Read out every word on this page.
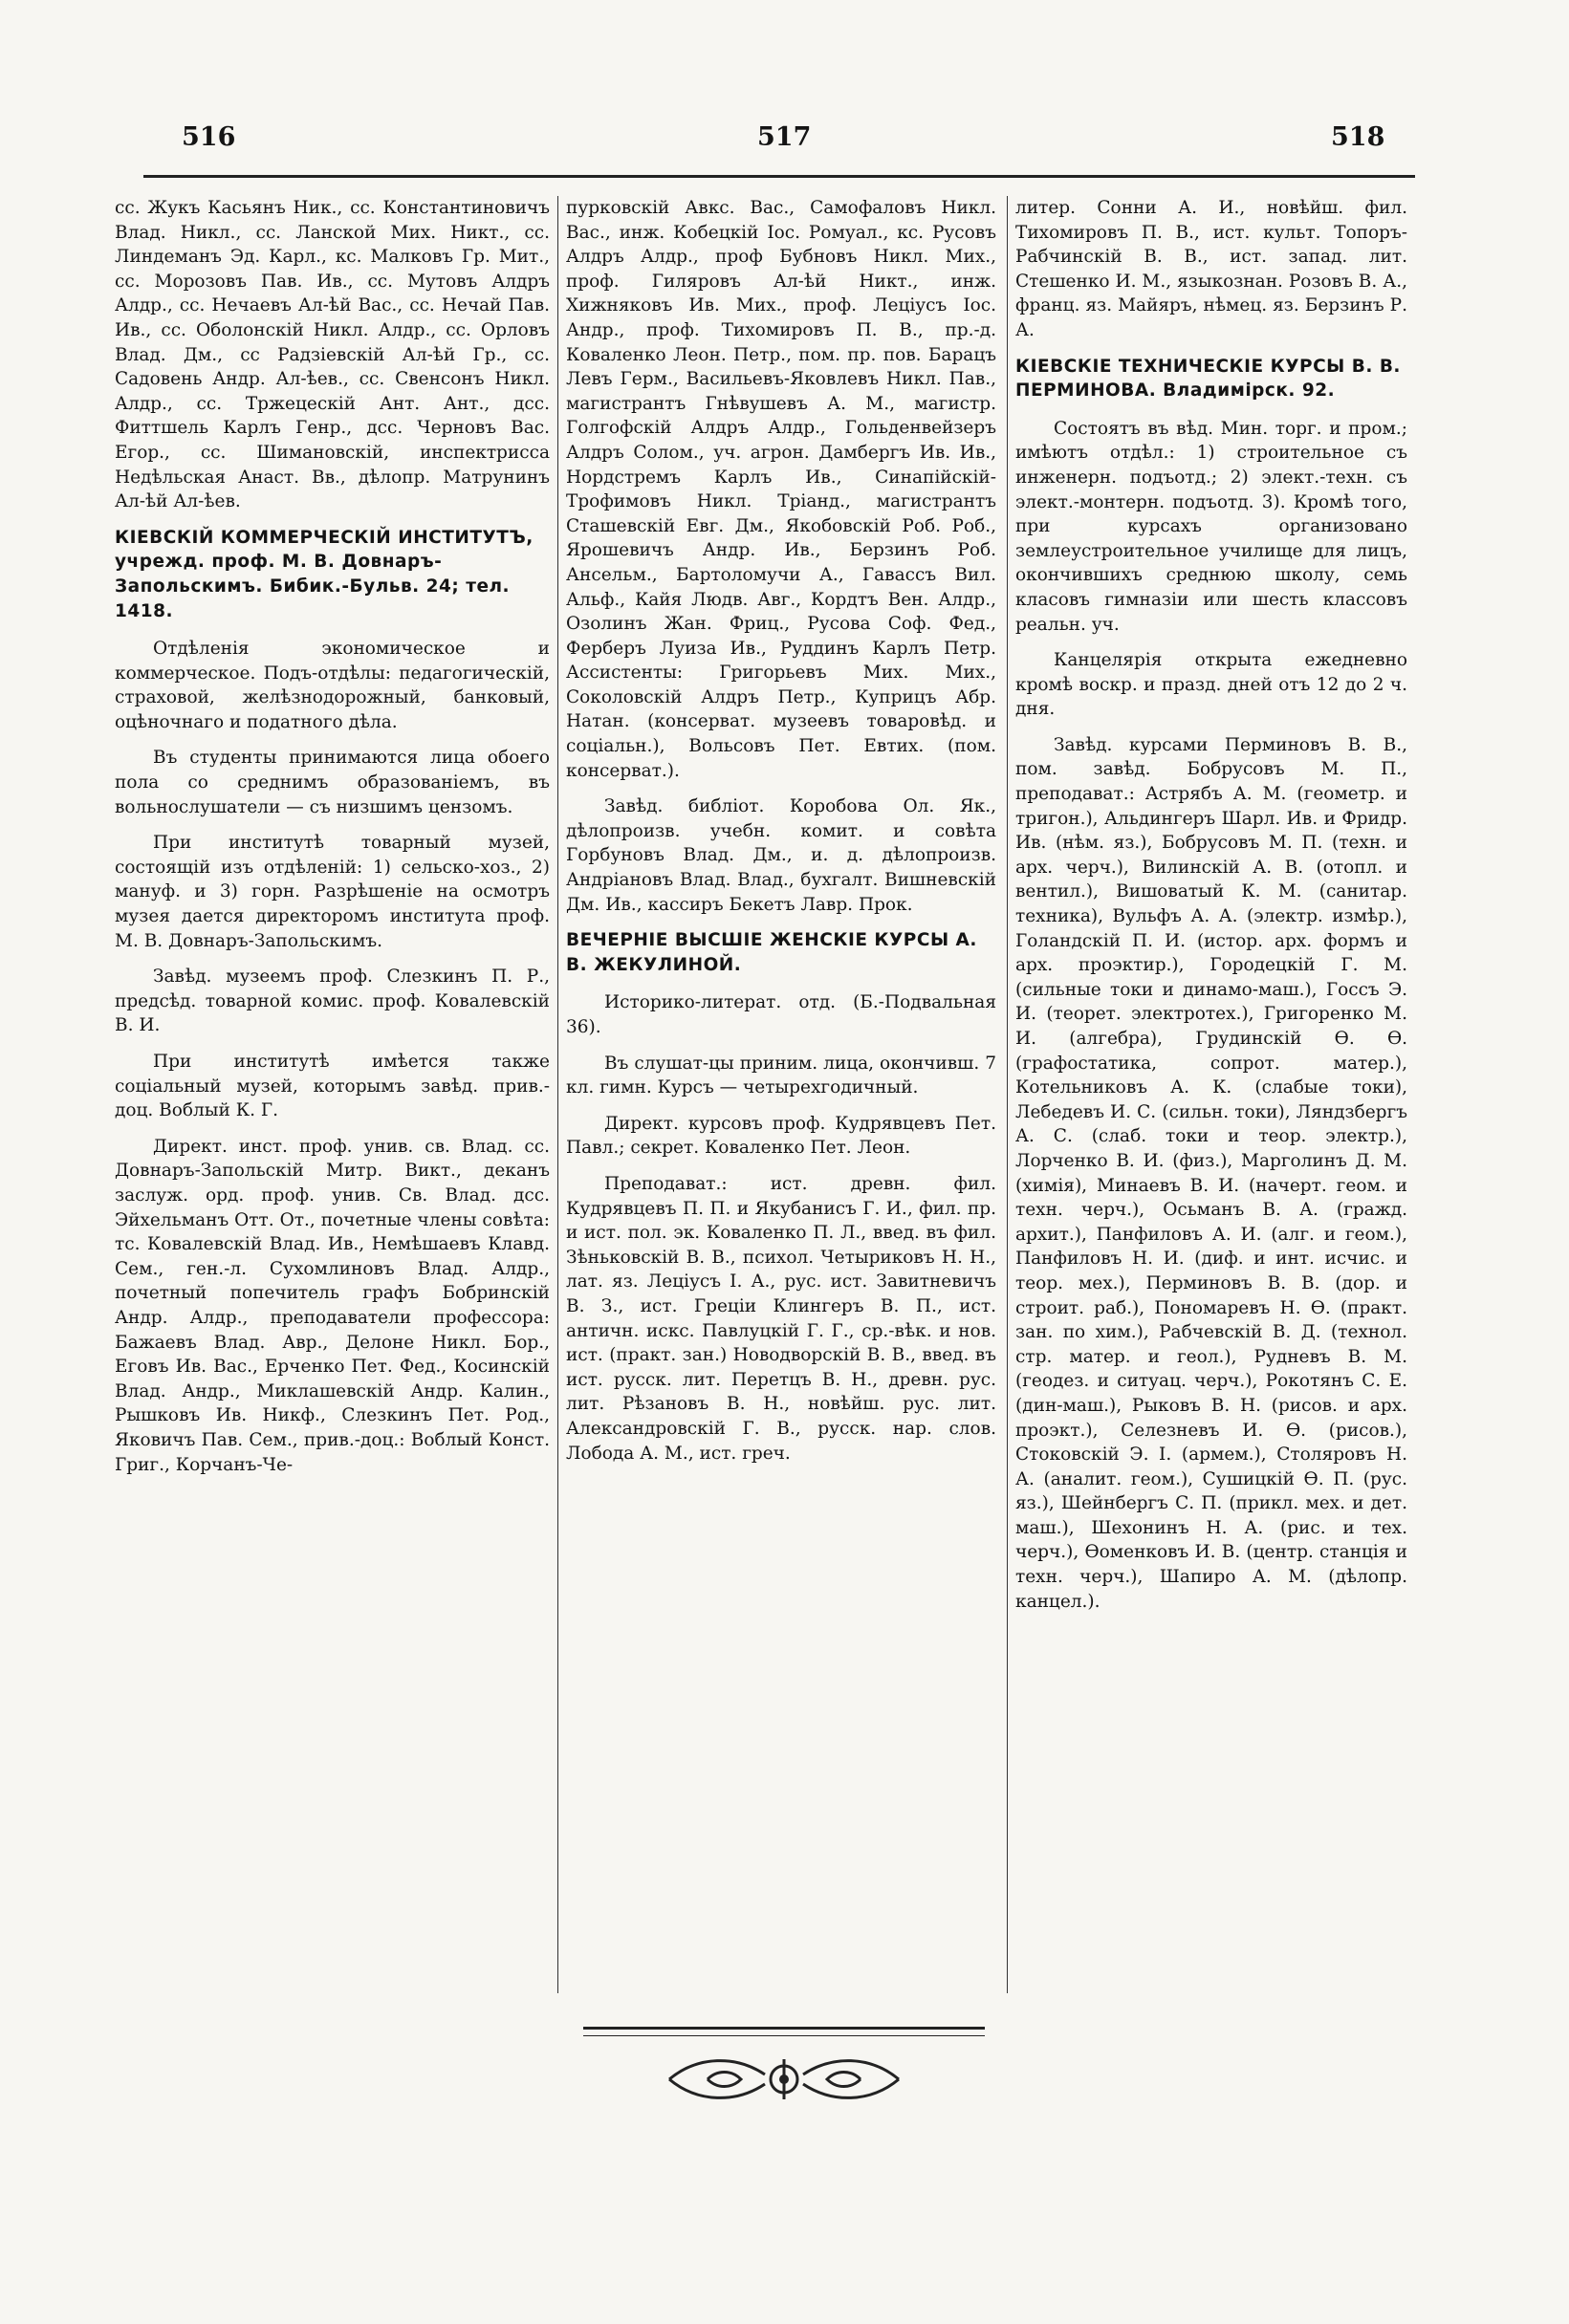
516	517	518

сс. Жукъ Касьянъ Ник., сс. Константиновичъ Влад. Никл., сс. Ланской Мих. Никт., сс. Линдеманъ Эд. Карл., кс. Малковъ Гр. Мит., сс. Морозовъ Пав. Ив., сс. Мутовъ Алдръ Алдр., сс. Нечаевъ Ал-ѣй Вас., сс. Нечай Пав. Ив., сс. Оболонскій Никл. Алдр., сс. Орловъ Влад. Дм., сс Радзіевскій Ал-ѣй Гр., сс. Садовень Андр. Ал-ѣев., сс. Свенсонъ Никл. Алдр., сс. Тржецескій Ант. Ант., дсс. Фиттшель Карлъ Генр., дсс. Черновъ Вас. Егор., сс. Шимановскій, инспектрисса Недѣльская Анаст. Вв., дѣлопр. Матрунинъ Ал-ѣй Ал-ѣев.

КІЕВСКІЙ КОММЕРЧЕСКІЙ ИНСТИТУТЪ, учрежд. проф. М. В. Довнаръ-Запольскимъ. Бибик.-Бульв. 24; тел. 1418.

Отдѣленія экономическое и коммерческое. Подъ-отдѣлы: педагогическій, страховой, желѣзнодорожный, банковый, оцѣночнаго и податного дѣла.

Въ студенты принимаются лица обоего пола со среднимъ образованіемъ, въ вольнослушатели — съ низшимъ цензомъ.

При институтѣ товарный музей, состоящій изъ отдѣленій: 1) сельско-хоз., 2) мануф. и 3) горн. Разрѣшеніе на осмотръ музея дается директоромъ института проф. М. В. Довнаръ-Запольскимъ.

Завѣд. музеемъ проф. Слезкинъ П. Р., предсѣд. товарной комис. проф. Ковалевскій В. И.

При институтѣ имѣется также соціальный музей, которымъ завѣд. прив.-доц. Воблый К. Г.

Директ. инст. проф. унив. св. Влад. сс. Довнаръ-Запольскій Митр. Викт., деканъ заслуж. орд. проф. унив. Св. Влад. дсс. Эйхельманъ Отт. От., почетные члены совѣта: тс. Ковалевскій Влад. Ив., Немѣшаевъ Клавд. Сем., ген.-л. Сухомлиновъ Влад. Алдр., почетный попечитель графъ Бобринскій Андр. Алдр., преподаватели профессора: Бажаевъ Влад. Авр., Делоне Никл. Бор., Еговъ Ив. Вас., Ерченко Пет. Фед., Косинскій Влад. Андр., Миклашевскій Андр. Калин., Рышковъ Ив. Никф., Слезкинъ Пет. Род., Яковичъ Пав. Сем., прив.-доц.: Воблый Конст. Григ., Корчанъ-Че-

пурковскій Авкс. Вас., Самофаловъ Никл. Вас., инж. Кобецкій Іос. Ромуал., кс. Русовъ Алдръ Алдр., проф Бубновъ Никл. Мих., проф. Гиляровъ Ал-ѣй Никт., инж. Хижняковъ Ив. Мих., проф. Лецiусъ Іос. Андр., проф. Тихомировъ П. В., пр.-д. Коваленко Леон. Петр., пом. пр. пов. Барацъ Левъ Герм., Васильевъ-Яковлевъ Никл. Пав., магистрантъ Гнѣвушевъ А. М., магистр. Голгофскій Алдръ Алдр., Гольденвейзеръ Алдръ Солом., уч. агрон. Дамбергъ Ив. Ив., Нордстремъ Карлъ Ив., Синапійскій-Трофимовъ Никл. Тріанд., магистрантъ Сташевскій Евг. Дм., Якобовскій Роб. Роб., Ярошевичъ Андр. Ив., Берзинъ Роб. Ансельм., Бартоломучи А., Гавассъ Вил. Альф., Кайя Людв. Авг., Кордтъ Вен. Алдр., Озолинъ Жан. Фриц., Русова Соф. Фед., Ферберъ Луиза Ив., Руддинъ Карлъ Петр. Ассистенты: Григорьевъ Мих. Мих., Соколовскій Алдръ Петр., Куприцъ Абр. Натан. (консерват. музеевъ товаровѣд. и соціальн.), Вольсовъ Пет. Евтих. (пом. консерват.).

Завѣд. библiот. Коробова Ол. Як., дѣлопроизв. учебн. комит. и совѣта Горбуновъ Влад. Дм., и. д. дѣлопроизв. Андріановъ Влад. Влад., бухгалт. Вишневскій Дм. Ив., кассиръ Бекетъ Лавр. Прок.

ВЕЧЕРНІЕ ВЫСШІЕ ЖЕНСКІЕ КУРСЫ А. В. ЖЕКУЛИНОЙ.

Историко-литерат. отд. (Б.-Подвальная 36).

Въ слушат-цы приним. лица, окончивш. 7 кл. гимн. Курсъ — четырехгодичный.

Директ. курсовъ проф. Кудрявцевъ Пет. Павл.; секрет. Коваленко Пет. Леон.

Преподават.: ист. древн. фил. Кудрявцевъ П. П. и Якубанисъ Г. И., фил. пр. и ист. пол. эк. Коваленко П. Л., введ. въ фил. Зѣньковскій В. В., психол. Четыриковъ Н. Н., лат. яз. Лецiусъ I. А., рус. ист. Завитневичъ В. З., ист. Греціи Клингеръ В. П., ист. античн. искс. Павлуцкій Г. Г., ср.-вѣк. и нов. ист. (практ. зан.) Новодворскій В. В., введ. въ ист. русск. лит. Перетцъ В. Н., древн. рус. лит. Рѣзановъ В. Н., новѣйш. рус. лит. Александровскій Г. В., русск. нар. слов. Лобода А. М., ист. греч.

литер. Сонни А. И., новѣйш. фил. Тихомировъ П. В., ист. культ. Топоръ-Рабчинскій В. В., ист. запад. лит. Стешенко И. М., языкознан. Розовъ В. А., франц. яз. Майяръ, нѣмец. яз. Берзинъ Р. А.

КІЕВСКІЕ ТЕХНИЧЕСКІЕ КУРСЫ В. В. ПЕРМИНОВА. Владимірск. 92.

Состоятъ въ вѣд. Мин. торг. и пром.; имѣютъ отдѣл.: 1) строительное съ инженерн. подъотд.; 2) элект.-техн. съ элект.-монтерн. подъотд. 3). Кромѣ того, при курсахъ организовано землеустроительное училище для лицъ, окончившихъ среднюю школу, семь класовъ гимназіи или шесть классовъ реальн. уч.

Канцелярія открыта ежедневно кромѣ воскр. и празд. дней отъ 12 до 2 ч. дня.

Завѣд. курсами Перминовъ В. В., пом. завѣд. Бобрусовъ М. П., преподават.: Астрябъ А. М. (геометр. и тригон.), Альдингеръ Шарл. Ив. и Фридр. Ив. (нѣм. яз.), Бобрусовъ М. П. (техн. и арх. черч.), Вилинскій А. В. (отопл. и вентил.), Вишоватый К. М. (санитар. техника), Вульфъ А. А. (электр. измѣр.), Голандскій П. И. (истор. арх. формъ и арх. проэктир.), Городецкій Г. М. (сильные токи и динамо-маш.), Госсъ Э. И. (теорет. электротех.), Григоренко М. И. (алгебра), Грудинскій Ѳ. Ѳ. (графостатика, сопрот. матер.), Котельниковъ А. К. (слабые токи), Лебедевъ И. С. (сильн. токи), Ляндзбергъ А. С. (слаб. токи и теор. электр.), Лорченко В. И. (физ.), Марголинъ Д. М. (химія), Минаевъ В. И. (начерт. геом. и техн. черч.), Осьманъ В. А. (гражд. архит.), Панфиловъ А. И. (алг. и геом.), Панфиловъ Н. И. (диф. и инт. исчис. и теор. мех.), Перминовъ В. В. (дор. и строит. раб.), Пономаревъ Н. Ѳ. (практ. зан. по хим.), Рабчевскій В. Д. (технол. стр. матер. и геол.), Рудневъ В. М. (геодез. и ситуац. черч.), Рокотянъ С. Е. (дин-маш.), Рыковъ В. Н. (рисов. и арх. проэкт.), Селезневъ И. Ѳ. (рисов.), Стоковскій Э. I. (армем.), Столяровъ Н. А. (аналит. геом.), Сушицкій Ѳ. П. (рус. яз.), Шейнбергъ С. П. (прикл. мех. и дет. маш.), Шехонинъ Н. А. (рис. и тех. черч.), Ѳоменковъ И. В. (центр. станція и техн. черч.), Шапиро А. М. (дѣлопр. канцел.).
